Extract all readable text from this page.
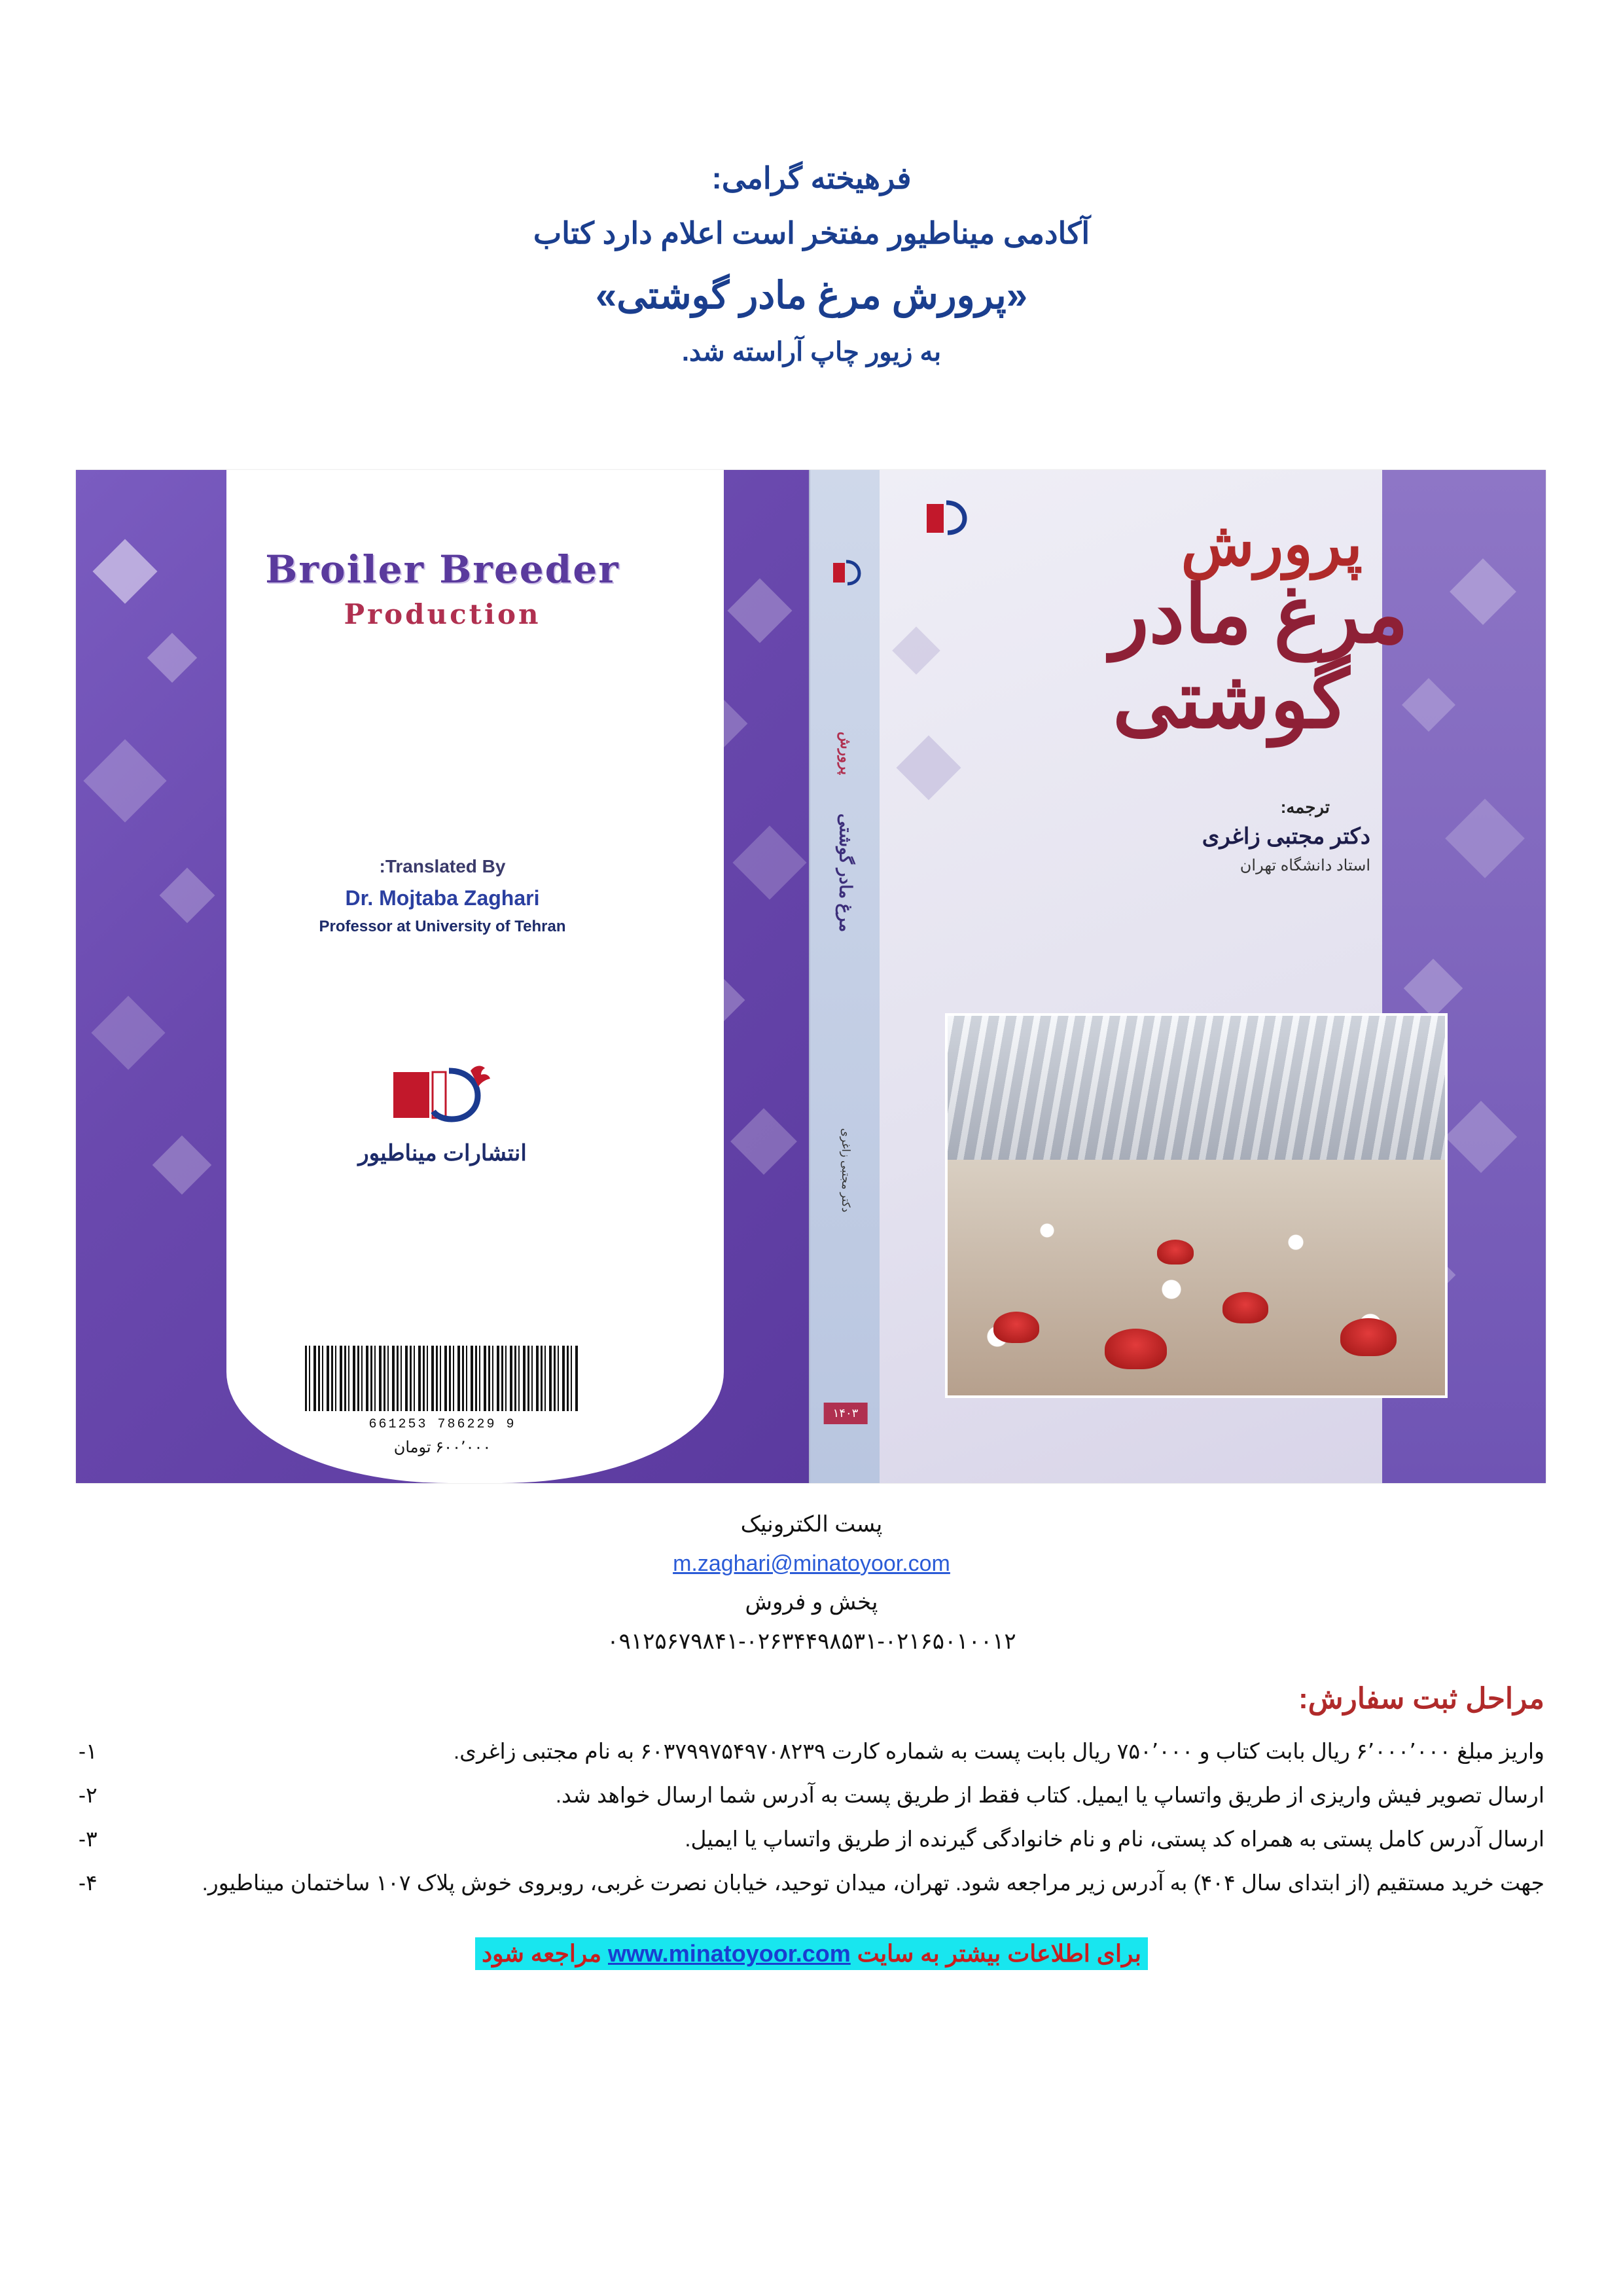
فرهیخته گرامی:
آکادمی میناطیور مفتخر است اعلام دارد کتاب
«پرورش مرغ مادر گوشتی»
به زیور چاپ آراسته شد.
Broiler Breeder
Production
Translated By:
Dr. Mojtaba Zaghari
Professor at University of Tehran
انتشارات میناطیور
9 786229 661253
۶۰۰٬۰۰۰ تومان
پرورش
مرغ مادر گوشتی
دکتر مجتبی زاغری
۱۴۰۳
پرورش
مرغ مادر
گوشتی
ترجمه:
دکتر مجتبی زاغری
استاد دانشگاه تهران
پست الکترونیک
m.zaghari@minatoyoor.com
پخش و فروش
۰۹۱۲۵۶۷۹۸۴۱-۰۲۶۳۴۴۹۸۵۳۱-۰۲۱۶۵۰۱۰۰۱۲
مراحل ثبت سفارش:
۱-	واریز مبلغ ۶٬۰۰۰٬۰۰۰ ریال بابت کتاب و ۷۵۰٬۰۰۰ ریال بابت پست به شماره کارت ۶۰۳۷۹۹۷۵۴۹۷۰۸۲۳۹ به نام مجتبی زاغری.
۲-	ارسال تصویر فیش واریزی از طریق واتساپ یا ایمیل. کتاب فقط از طریق پست به آدرس شما ارسال خواهد شد.
۳-	ارسال آدرس کامل پستی به همراه کد پستی، نام و نام خانوادگی گیرنده از طریق واتساپ یا ایمیل.
۴-	جهت خرید مستقیم (از ابتدای سال ۴۰۴) به آدرس زیر مراجعه شود. تهران، میدان توحید، خیابان نصرت غربی، روبروی خوش پلاک ۱۰۷ ساختمان میناطیور.
برای اطلاعات بیشتر به سایت www.minatoyoor.com مراجعه شود
